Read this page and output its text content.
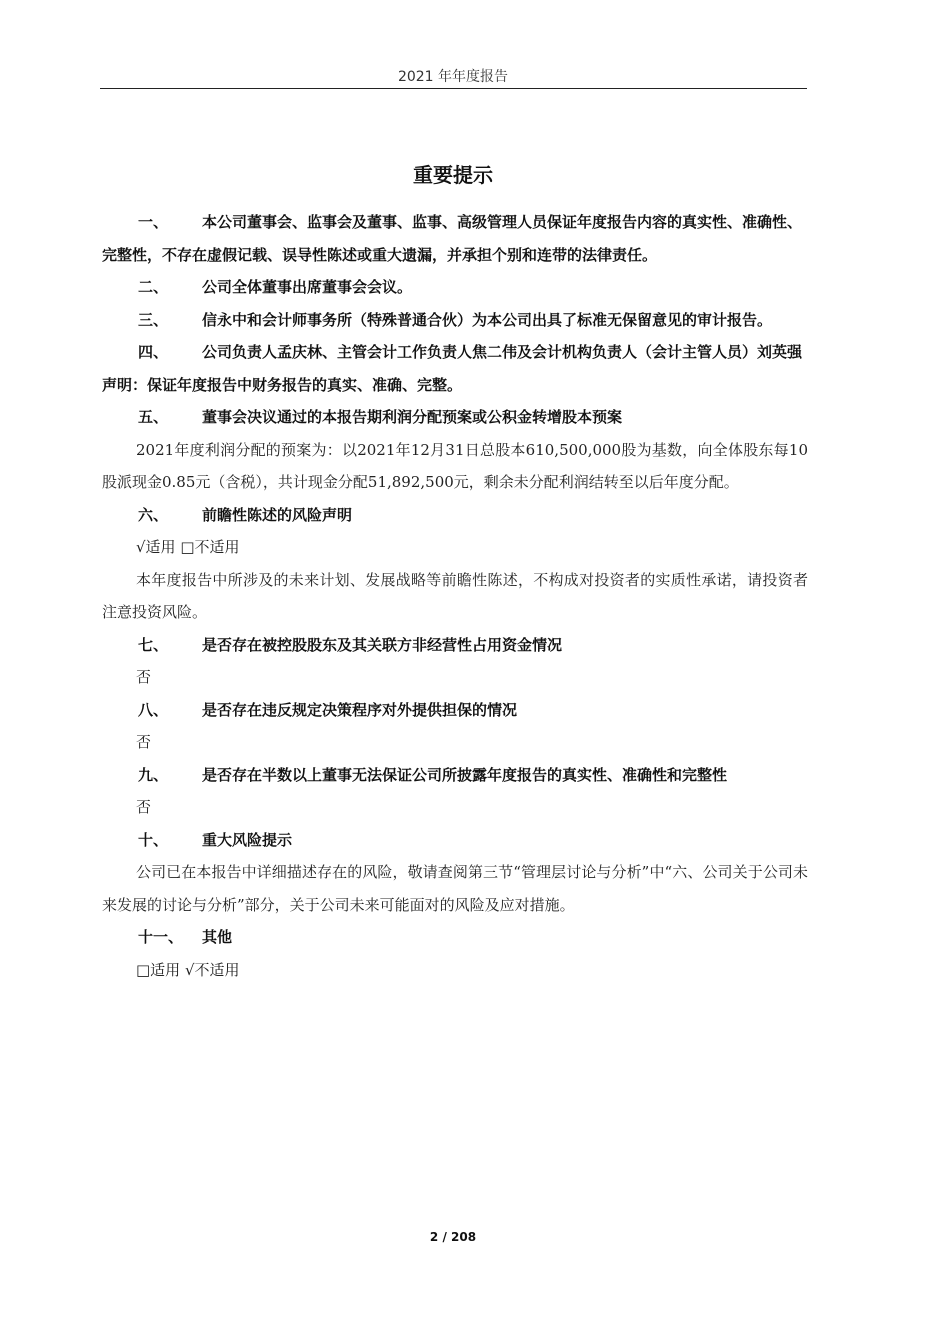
2021 年年度报告
重要提示
一、	本公司董事会、监事会及董事、监事、高级管理人员保证年度报告内容的真实性、准确性、完整性，不存在虚假记载、误导性陈述或重大遗漏，并承担个别和连带的法律责任。
二、	公司全体董事出席董事会会议。
三、	信永中和会计师事务所（特殊普通合伙）为本公司出具了标准无保留意见的审计报告。
四、	公司负责人孟庆林、主管会计工作负责人焦二伟及会计机构负责人（会计主管人员）刘英强声明：保证年度报告中财务报告的真实、准确、完整。
五、	董事会决议通过的本报告期利润分配预案或公积金转增股本预案
2021年度利润分配的预案为：以2021年12月31日总股本610,500,000股为基数，向全体股东每10股派现金0.85元（含税），共计现金分配51,892,500元，剩余未分配利润结转至以后年度分配。
六、	前瞻性陈述的风险声明
√适用 □不适用
本年度报告中所涉及的未来计划、发展战略等前瞻性陈述，不构成对投资者的实质性承诺，请投资者注意投资风险。
七、	是否存在被控股股东及其关联方非经营性占用资金情况
否
八、	是否存在违反规定决策程序对外提供担保的情况
否
九、	是否存在半数以上董事无法保证公司所披露年度报告的真实性、准确性和完整性
否
十、	重大风险提示
公司已在本报告中详细描述存在的风险，敬请查阅第三节“管理层讨论与分析”中“六、公司关于公司未来发展的讨论与分析”部分，关于公司未来可能面对的风险及应对措施。
十一、	其他
□适用 √不适用
2 / 208
